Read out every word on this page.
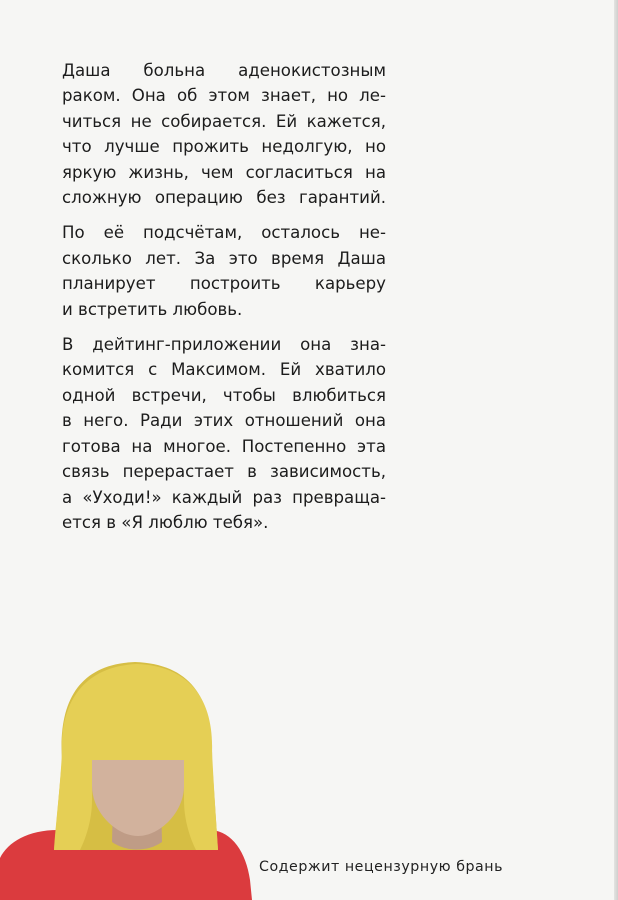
Даша больна аденокистозным
раком. Она об этом знает, но ле-
читься не собирается. Ей кажется,
что лучше прожить недолгую, но
яркую жизнь, чем согласиться на
сложную операцию без гарантий.

По её подсчётам, осталось не-
сколько лет. За это время Даша
планирует построить карьеру
и встретить любовь.

В дейтинг-приложении она зна-
комится с Максимом. Ей хватило
одной встречи, чтобы влюбиться
в него. Ради этих отношений она
готова на многое. Постепенно эта
связь перерастает в зависимость,
а «Уходи!» каждый раз превраща-
ется в «Я люблю тебя».

Содержит нецензурную брань
